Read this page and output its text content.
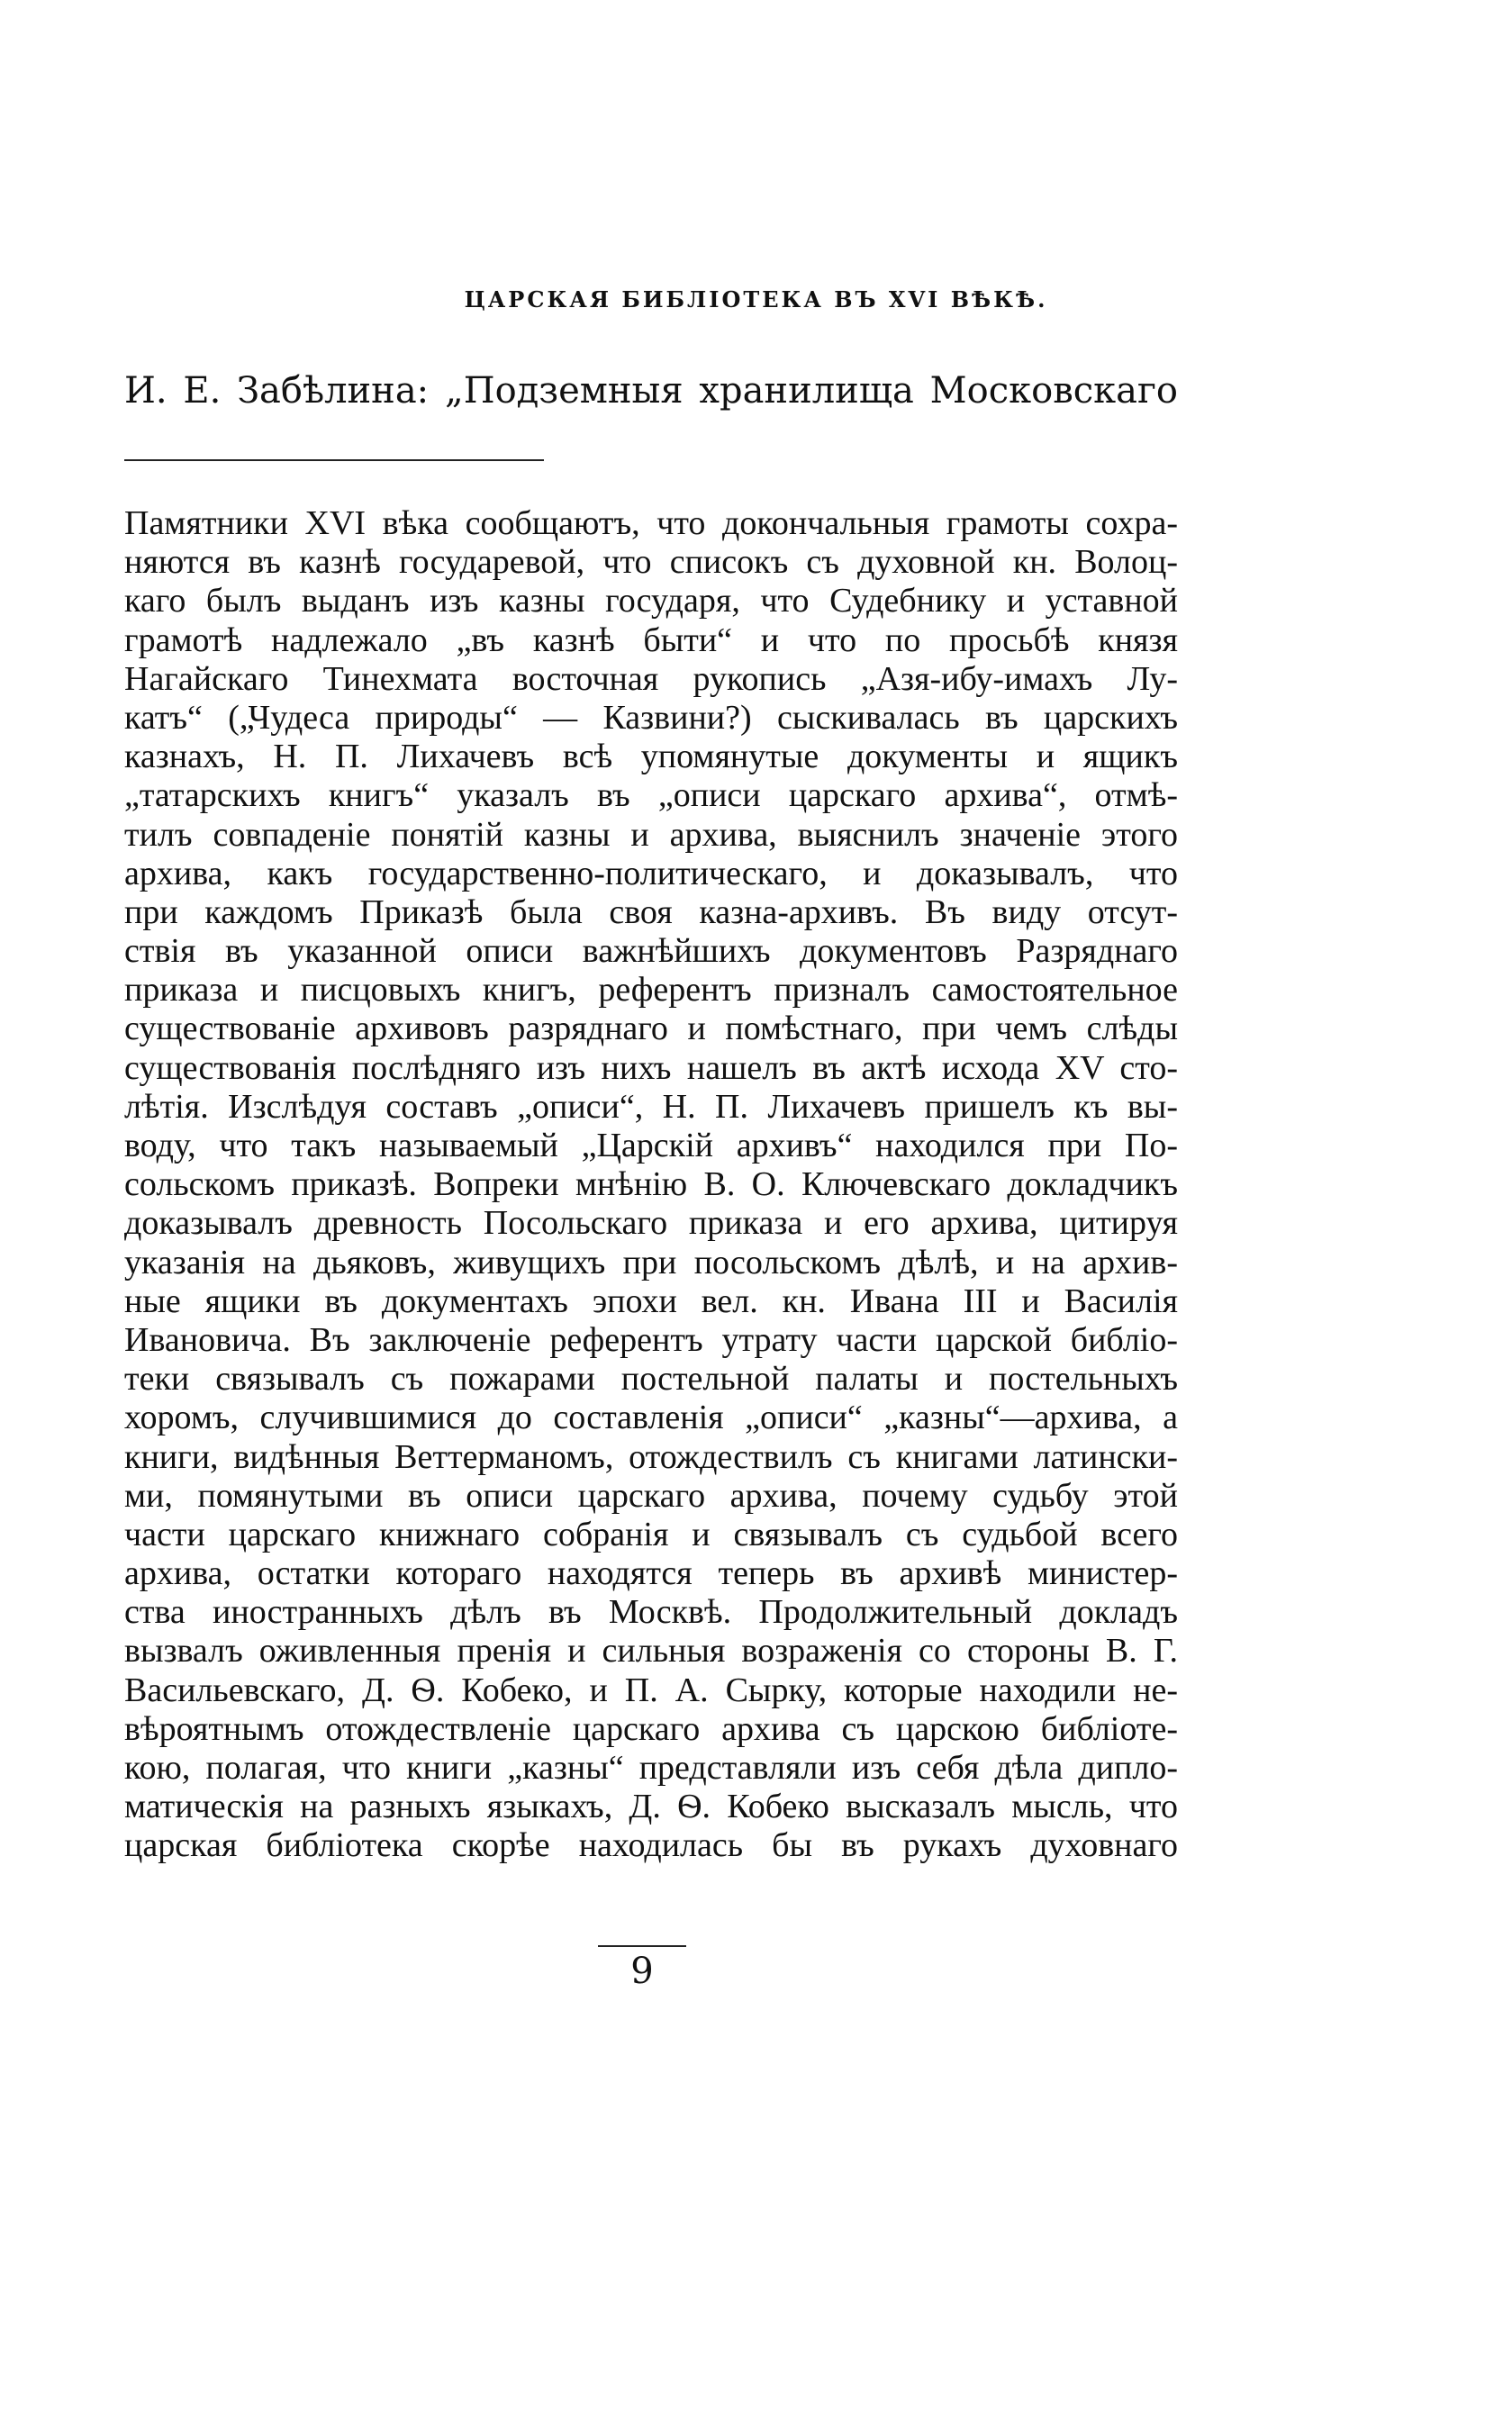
ЦАРСКАЯ БИБЛІОТЕКА ВЪ XVI ВѢКѢ.

И. Е. Забѣлина: „Подземныя хранилища Московскаго

Памятники XVI вѣка сообщаютъ, что докончальныя грамоты сохра-
няются въ казнѣ государевой, что списокъ съ духовной кн. Волоц-
каго былъ выданъ изъ казны государя, что Судебнику и уставной
грамотѣ надлежало „въ казнѣ быти“ и что по просьбѣ князя
Нагайскаго Тинехмата восточная рукопись „Азя-ибу-имахъ Лу-
катъ“ („Чудеса природы“ — Казвини?) сыскивалась въ царскихъ
казнахъ, Н. П. Лихачевъ всѣ упомянутые документы и ящикъ
„татарскихъ книгъ“ указалъ въ „описи царскаго архива“, отмѣ-
тилъ совпаденіе понятій казны и архива, выяснилъ значеніе этого
архива, какъ государственно-политическаго, и доказывалъ, что
при каждомъ Приказѣ была своя казна-архивъ. Въ виду отсут-
ствія въ указанной описи важнѣйшихъ документовъ Разряднаго
приказа и писцовыхъ книгъ, референтъ призналъ самостоятельное
существованіе архивовъ разряднаго и помѣстнаго, при чемъ слѣды
существованія послѣдняго изъ нихъ нашелъ въ актѣ исхода XV сто-
лѣтія. Изслѣдуя составъ „описи“, Н. П. Лихачевъ пришелъ къ вы-
воду, что такъ называемый „Царскій архивъ“ находился при По-
сольскомъ приказѣ. Вопреки мнѣнію В. О. Ключевскаго докладчикъ
доказывалъ древность Посольскаго приказа и его архива, цитируя
указанія на дьяковъ, живущихъ при посольскомъ дѣлѣ, и на архив-
ные ящики въ документахъ эпохи вел. кн. Ивана III и Василія
Ивановича. Въ заключеніе референтъ утрату части царской библіо-
теки связывалъ съ пожарами постельной палаты и постельныхъ
хоромъ, случившимися до составленія „описи“ „казны“—архива, а
книги, видѣнныя Веттерманомъ, отождествилъ съ книгами латински-
ми, помянутыми въ описи царскаго архива, почему судьбу этой
части царскаго книжнаго собранія и связывалъ съ судьбой всего
архива, остатки котораго находятся теперь въ архивѣ министер-
ства иностранныхъ дѣлъ въ Москвѣ. Продолжительный докладъ
вызвалъ оживленныя пренія и сильныя возраженія со стороны В. Г.
Васильевскаго, Д. Ѳ. Кобеко, и П. А. Сырку, которые находили не-
вѣроятнымъ отождествленіе царскаго архива съ царскою библіоте-
кою, полагая, что книги „казны“ представляли изъ себя дѣла дипло-
матическія на разныхъ языкахъ, Д. Ѳ. Кобеко высказалъ мысль, что
царская библіотека скорѣе находилась бы въ рукахъ духовнаго

9
